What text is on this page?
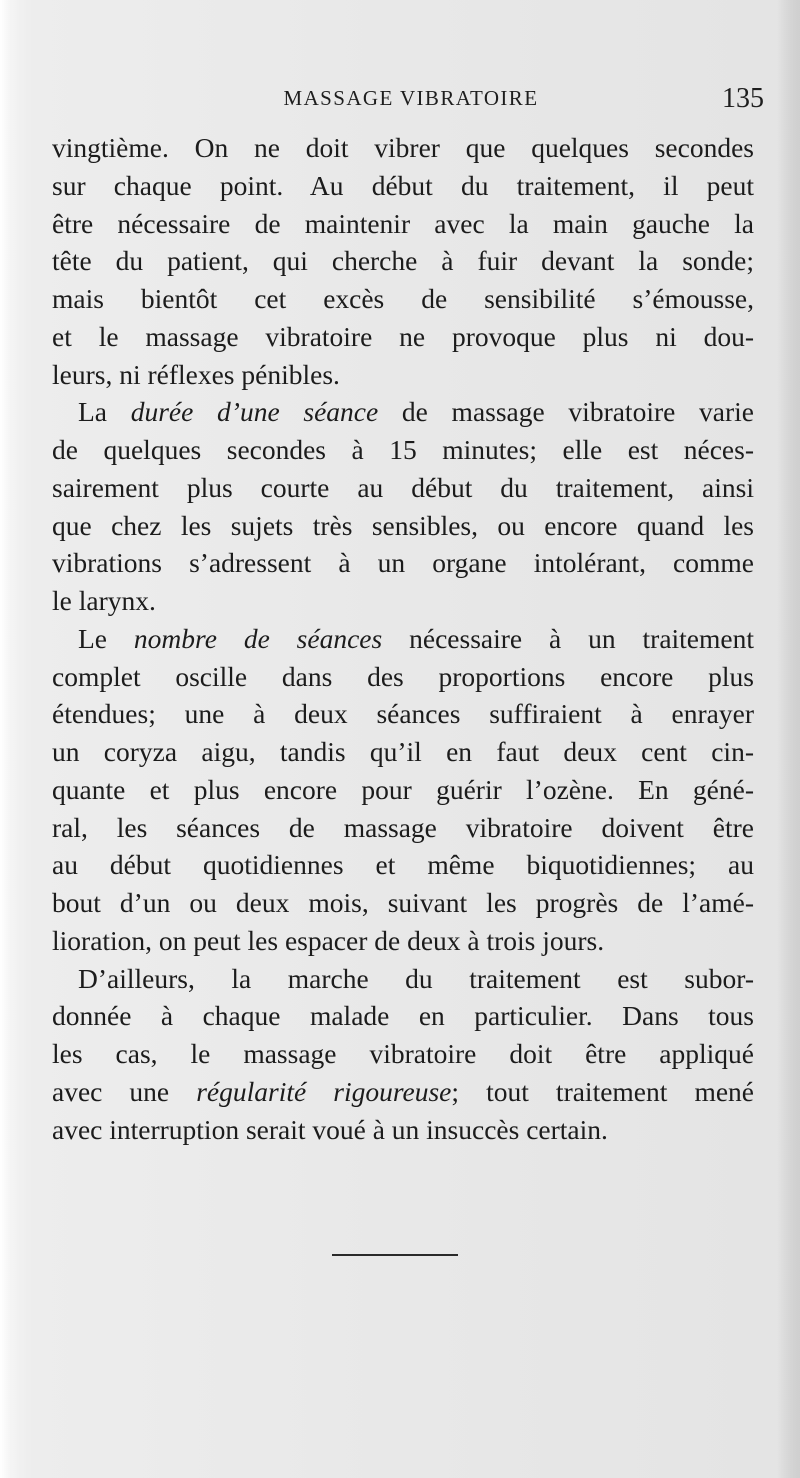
MASSAGE VIBRATOIRE	135
vingtième. On ne doit vibrer que quelques secondes
sur chaque point. Au début du traitement, il peut
être nécessaire de maintenir avec la main gauche la
tête du patient, qui cherche à fuir devant la sonde;
mais bientôt cet excès de sensibilité s’émousse,
et le massage vibratoire ne provoque plus ni dou-
leurs, ni réflexes pénibles.
La durée d’une séance de massage vibratoire varie
de quelques secondes à 15 minutes; elle est néces-
sairement plus courte au début du traitement, ainsi
que chez les sujets très sensibles, ou encore quand les
vibrations s’adressent à un organe intolérant, comme
le larynx.
Le nombre de séances nécessaire à un traitement
complet oscille dans des proportions encore plus
étendues; une à deux séances suffiraient à enrayer
un coryza aigu, tandis qu’il en faut deux cent cin-
quante et plus encore pour guérir l’ozène. En géné-
ral, les séances de massage vibratoire doivent être
au début quotidiennes et même biquotidiennes; au
bout d’un ou deux mois, suivant les progrès de l’amé-
lioration, on peut les espacer de deux à trois jours.
D’ailleurs, la marche du traitement est subor-
donnée à chaque malade en particulier. Dans tous
les cas, le massage vibratoire doit être appliqué
avec une régularité rigoureuse; tout traitement mené
avec interruption serait voué à un insuccès certain.
